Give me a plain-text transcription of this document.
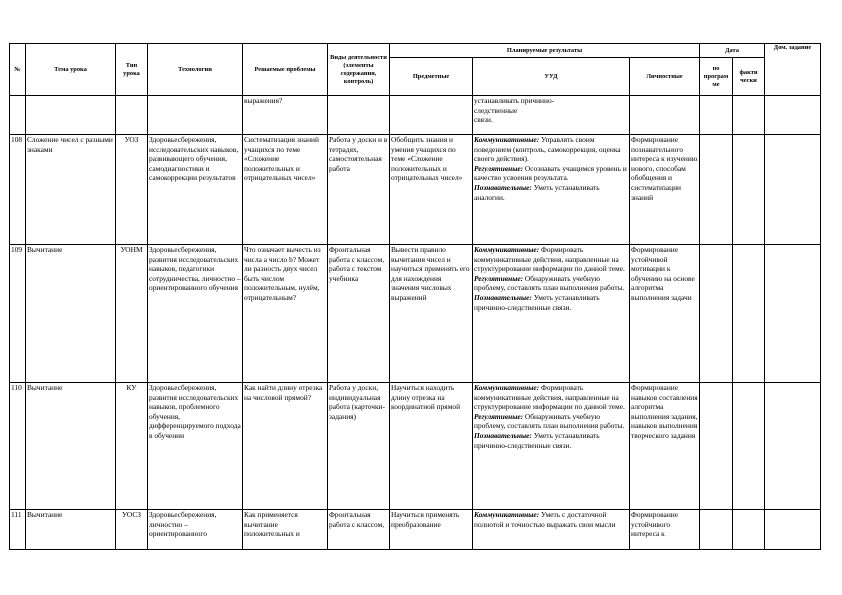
№	Тема урока	Тип урока	Технологии	Решаемые проблемы	Виды деятельности (элементы содержания, контроль)	Планируемые результаты			Дата		Дом. задание
						Предметные	УУД	Личностные	по програм ме	факти чески	
				выражения?			устанавливать причинно-
следственные
связи.				

108	Сложение чисел с разными знаками	УОЗ	Здоровьесбережения, исследовательских навыков, развивающего обучения, самодиагностики и самокоррекции результатов	Систематизация знаний учащихся по теме «Сложение положительных и отрицательных чисел»	Работа у доски и в тетрадях, самостоятельная работа	Обобщить знания и умения учащихся по теме «Сложение положительных и отрицательных чисел»	Коммуникативные: Управлять своим поведением (контроль, самокоррекция, оценка своего действия).
Регулятивные: Осознавать учащимся уровень и качество усвоения результата.
Познавательные: Уметь устанавливать аналогии.	Формирование познавательного интереса к изучению нового, способам обобщения и систематизации знаний			
109	Вычитание	УОНМ	Здоровьесбережения, развития исследовательских навыков, педагогики сотрудничества, личностно – ориентированного обучения	Что означает вычесть из числа a число b? Может ли разность двух чисел быть числом положительным, нулём, отрицательным?	Фронтальная работа с классом, работа с текстом учебника	Вывести правило вычитания чисел и научиться применять его для нахождения значения числовых выражений	Коммуникативные: Формировать коммуникативные действия, направленные на структурирование информации по данной теме.
Регулятивные: Обнаруживать учебную проблему, составлять план выполнения работы.
Познавательные: Уметь устанавливать причинно-следственные связи.	Формирование устойчивой мотивации к обучению на основе алгоритма выполнения задачи			
110	Вычитание	КУ	Здоровьесбережения, развития исследовательских навыков, проблемного обучения, дифференцируемого подхода в обучении	Как найти длину отрезка на числовой прямой?	Работа у доски, индивидуальная работа (карточки-задания)	Научиться находить длину отрезка на координатной прямой	Коммуникативные: Формировать коммуникативные действия, направленные на структурирование информации по данной теме.
Регулятивные: Обнаруживать учебную проблему, составлять план выполнения работы.
Познавательные: Уметь устанавливать причинно-следственные связи.	Формирование навыков составления алгоритма выполнения задания, навыков выполнения творческого задания			
111	Вычитание	УОСЗ	Здоровьесбережения, личностно – ориентированного	Как применяется вычитание положительных и	Фронтальная работа с классом,	Научиться применять преобразование	Коммуникативные: Уметь с достаточной полнотой и точностью выражать свои мысли	Формирование устойчивого интереса к			
